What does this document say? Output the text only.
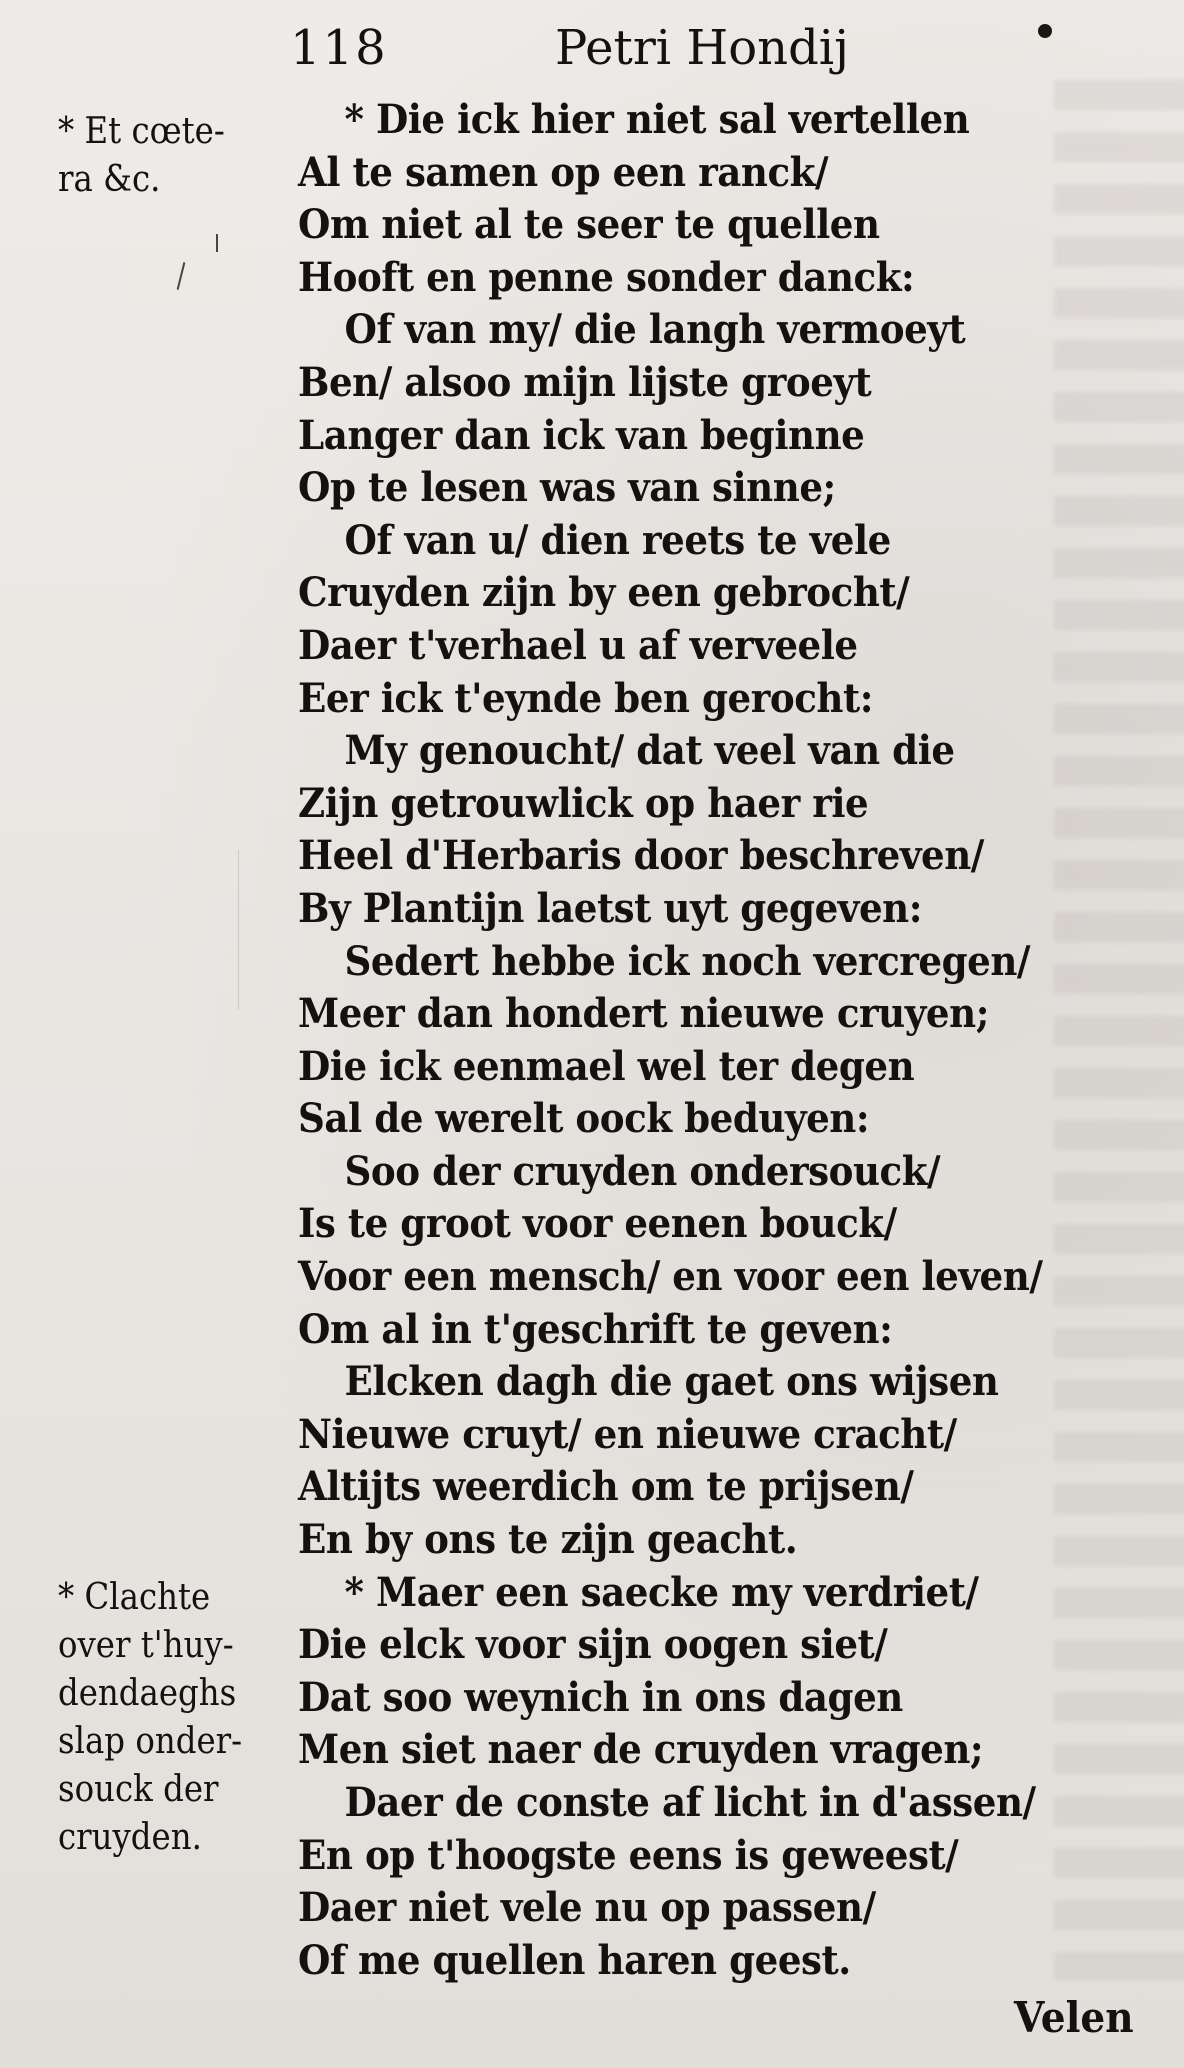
118	Petri Hondij
* Et cœte-
ra &c.
* Clachte
over t'huy-
dendaeghs
slap onder-
souck der
cruyden.
* Die ick hier niet sal vertellen
Al te samen op een ranck/
Om niet al te seer te quellen
Hooft en penne sonder danck:
Of van my/ die langh vermoeyt
Ben/ alsoo mijn lijste groeyt
Langer dan ick van beginne
Op te lesen was van sinne;
Of van u/ dien reets te vele
Cruyden zijn by een gebrocht/
Daer t'verhael u af verveele
Eer ick t'eynde ben gerocht:
My genoucht/ dat veel van die
Zijn getrouwlick op haer rie
Heel d'Herbaris door beschreven/
By Plantijn laetst uyt gegeven:
Sedert hebbe ick noch vercregen/
Meer dan hondert nieuwe cruyen;
Die ick eenmael wel ter degen
Sal de werelt oock beduyen:
Soo der cruyden ondersouck/
Is te groot voor eenen bouck/
Voor een mensch/ en voor een leven/
Om al in t'geschrift te geven:
Elcken dagh die gaet ons wijsen
Nieuwe cruyt/ en nieuwe cracht/
Altijts weerdich om te prijsen/
En by ons te zijn geacht.
* Maer een saecke my verdriet/
Die elck voor sijn oogen siet/
Dat soo weynich in ons dagen
Men siet naer de cruyden vragen;
Daer de conste af licht in d'assen/
En op t'hoogste eens is geweest/
Daer niet vele nu op passen/
Of me quellen haren geest.
Velen
